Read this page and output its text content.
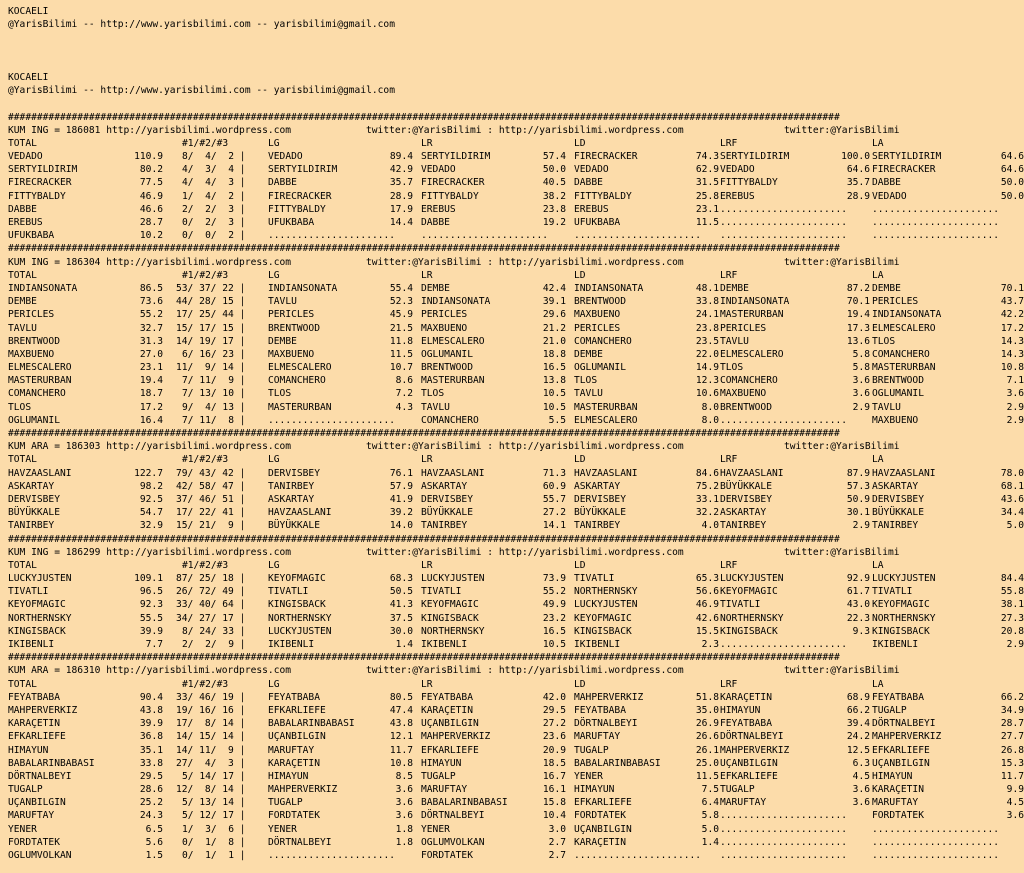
KOCAELI
@YarisBilimi -- http://www.yarisbilimi.com -- yarisbilimi@gmail.com
KOCAELI
@YarisBilimi -- http://www.yarisbilimi.com -- yarisbilimi@gmail.com
################################################################################################################################################
KUM ING = 186081 http://yarisbilimi.wordpress.com	twitter:@YarisBilimi : http://yarisbilimi.wordpress.com	twitter:@YarisBilimi
TOTAL	#1/#2/#3	LG	LR	LD	LRF	LA
VEDADO	110.9 8/  4/  2 | VEDADO	89.4 SERTYILDIRIM	57.4 FIRECRACKER	74.3 SERTYILDIRIM	100.0 SERTYILDIRIM	64.6
SERTYILDIRIM	80.2 4/  3/  4 | SERTYILDIRIM	42.9 VEDADO	50.0 VEDADO	62.9 VEDADO	64.6 FIRECRACKER	64.6
FIRECRACKER	77.5 4/  4/  3 | DABBE	35.7 FIRECRACKER	40.5 DABBE	31.5 FITTYBALDY	35.7 DABBE	50.0
FITTYBALDY	46.9 1/  4/  2 | FIRECRACKER	28.9 FITTYBALDY	38.2 FITTYBALDY	25.8 EREBUS	28.9 VEDADO	50.0
DABBE	46.6 2/  2/  3 | FITTYBALDY	17.9 EREBUS	23.8 EREBUS	23.1 ......................	......................
EREBUS	28.7 0/  2/  3 | UFUKBABA	14.4 DABBE	19.2 UFUKBABA	11.5 ......................	......................
UFUKBABA	10.2 0/  0/  2 | ......................	......................	...................... ......................	......................
################################################################################################################################################
KUM ING = 186304 http://yarisbilimi.wordpress.com	twitter:@YarisBilimi : http://yarisbilimi.wordpress.com	twitter:@YarisBilimi
TOTAL	#1/#2/#3	LG	LR	LD	LRF	LA
INDIANSONATA	86.5 53/ 37/ 22 | INDIANSONATA	55.4 DEMBE	42.4 INDIANSONATA	48.1 DEMBE	87.2 DEMBE	70.1
DEMBE	73.6 44/ 28/ 15 | TAVLU	52.3 INDIANSONATA	39.1 BRENTWOOD	33.8 INDIANSONATA	70.1 PERICLES	43.7
PERICLES	55.2 17/ 25/ 44 | PERICLES	45.9 PERICLES	29.6 MAXBUENO	24.1 MASTERURBAN	19.4 INDIANSONATA	42.2
TAVLU	32.7 15/ 17/ 15 | BRENTWOOD	21.5 MAXBUENO	21.2 PERICLES	23.8 PERICLES	17.3 ELMESCALERO	17.2
BRENTWOOD	31.3 14/ 19/ 17 | DEMBE	11.8 ELMESCALERO	21.0 COMANCHERO	23.5 TAVLU	13.6 TLOS	14.3
MAXBUENO	27.0 6/ 16/ 23 | MAXBUENO	11.5 OGLUMANIL	18.8 DEMBE	22.0 ELMESCALERO	5.8 COMANCHERO	14.3
ELMESCALERO	23.1 11/  9/ 14 | ELMESCALERO	10.7 BRENTWOOD	16.5 OGLUMANIL	14.9 TLOS	5.8 MASTERURBAN	10.8
MASTERURBAN	19.4 7/ 11/  9 | COMANCHERO	8.6 MASTERURBAN	13.8 TLOS	12.3 COMANCHERO	3.6 BRENTWOOD	7.1
COMANCHERO	18.7 7/ 13/ 10 | TLOS	7.2 TLOS	10.5 TAVLU	10.6 MAXBUENO	3.6 OGLUMANIL	3.6
TLOS	17.2 9/  4/ 13 | MASTERURBAN	4.3 TAVLU	10.5 MASTERURBAN	8.0 BRENTWOOD	2.9 TAVLU	2.9
OGLUMANIL	16.4 7/ 11/  8 | ......................	COMANCHERO	5.5 ELMESCALERO	8.0 ......................	MAXBUENO	2.9
################################################################################################################################################
KUM ARA = 186303 http://yarisbilimi.wordpress.com	twitter:@YarisBilimi : http://yarisbilimi.wordpress.com	twitter:@YarisBilimi
TOTAL	#1/#2/#3	LG	LR	LD	LRF	LA
HAVZAASLANI	122.7 79/ 43/ 42 | DERVISBEY	76.1 HAVZAASLANI	71.3 HAVZAASLANI	84.6 HAVZAASLANI	87.9 HAVZAASLANI	78.0
ASKARTAY	98.2 42/ 58/ 47 | TANIRBEY	57.9 ASKARTAY	60.9 ASKARTAY	75.2 BÜYÜKKALE	57.3 ASKARTAY	68.1
DERVISBEY	92.5 37/ 46/ 51 | ASKARTAY	41.9 DERVISBEY	55.7 DERVISBEY	33.1 DERVISBEY	50.9 DERVISBEY	43.6
BÜYÜKKALE	54.7 17/ 22/ 41 | HAVZAASLANI	39.2 BÜYÜKKALE	27.2 BÜYÜKKALE	32.2 ASKARTAY	30.1 BÜYÜKKALE	34.4
TANIRBEY	32.9 15/ 21/  9 | BÜYÜKKALE	14.0 TANIRBEY	14.1 TANIRBEY	4.0 TANIRBEY	2.9 TANIRBEY	5.0
################################################################################################################################################
KUM ING = 186299 http://yarisbilimi.wordpress.com	twitter:@YarisBilimi : http://yarisbilimi.wordpress.com	twitter:@YarisBilimi
TOTAL	#1/#2/#3	LG	LR	LD	LRF	LA
LUCKYJUSTEN	109.1 87/ 25/ 18 | KEYOFMAGIC	68.3 LUCKYJUSTEN	73.9 TIVATLI	65.3 LUCKYJUSTEN	92.9 LUCKYJUSTEN	84.4
TIVATLI	96.5 26/ 72/ 49 | TIVATLI	50.5 TIVATLI	55.2 NORTHERNSKY	56.6 KEYOFMAGIC	61.7 TIVATLI	55.8
KEYOFMAGIC	92.3 33/ 40/ 64 | KINGISBACK	41.3 KEYOFMAGIC	49.9 LUCKYJUSTEN	46.9 TIVATLI	43.0 KEYOFMAGIC	38.1
NORTHERNSKY	55.5 34/ 27/ 17 | NORTHERNSKY	37.5 KINGISBACK	23.2 KEYOFMAGIC	42.6 NORTHERNSKY	22.3 NORTHERNSKY	27.3
KINGISBACK	39.9 8/ 24/ 33 | LUCKYJUSTEN	30.0 NORTHERNSKY	16.5 KINGISBACK	15.5 KINGISBACK	9.3 KINGISBACK	20.8
IKIBENLI	7.7 2/  2/  9 | IKIBENLI	1.4 IKIBENLI	10.5 IKIBENLI	2.3 ......................	IKIBENLI	2.9
################################################################################################################################################
KUM ARA = 186310 http://yarisbilimi.wordpress.com	twitter:@YarisBilimi : http://yarisbilimi.wordpress.com	twitter:@YarisBilimi
TOTAL	#1/#2/#3	LG	LR	LD	LRF	LA
FEYATBABA	90.4 33/ 46/ 19 | FEYATBABA	80.5 FEYATBABA	42.0 MAHPERVERKIZ	51.8 KARAÇETIN	68.9 FEYATBABA	66.2
MAHPERVERKIZ	43.8 19/ 16/ 16 | EFKARLIEFE	47.4 KARAÇETIN	29.5 FEYATBABA	35.0 HIMAYUN	66.2 TUGALP	34.9
KARAÇETIN	39.9 17/  8/ 14 | BABALARINBABASI	43.8 UÇANBILGIN	27.2 DÖRTNALBEYI	26.9 FEYATBABA	39.4 DÖRTNALBEYI	28.7
EFKARLIEFE	36.8 14/ 15/ 14 | UÇANBILGIN	12.1 MAHPERVERKIZ	23.6 MARUFTAY	26.6 DÖRTNALBEYI	24.2 MAHPERVERKIZ	27.7
HIMAYUN	35.1 14/ 11/  9 | MARUFTAY	11.7 EFKARLIEFE	20.9 TUGALP	26.1 MAHPERVERKIZ	12.5 EFKARLIEFE	26.8
BABALARINBABASI	33.8 27/  4/  3 | KARAÇETIN	10.8 HIMAYUN	18.5 BABALARINBABASI	25.0 UÇANBILGIN	6.3 UÇANBILGIN	15.3
DÖRTNALBEYI	29.5 5/ 14/ 17 | HIMAYUN	8.5 TUGALP	16.7 YENER	11.5 EFKARLIEFE	4.5 HIMAYUN	11.7
TUGALP	28.6 12/  8/ 14 | MAHPERVERKIZ	3.6 MARUFTAY	16.1 HIMAYUN	7.5 TUGALP	3.6 KARAÇETIN	9.9
UÇANBILGIN	25.2 5/ 13/ 14 | TUGALP	3.6 BABALARINBABASI	15.8 EFKARLIEFE	6.4 MARUFTAY	3.6 MARUFTAY	4.5
MARUFTAY	24.3 5/ 12/ 17 | FORDTATEK	3.6 DÖRTNALBEYI	10.4 FORDTATEK	5.8 ......................	FORDTATEK	3.6
YENER	6.5 1/  3/  6 | YENER	1.8 YENER	3.0 UÇANBILGIN	5.0 ......................	......................
FORDTATEK	5.6 0/  1/  8 | DÖRTNALBEYI	1.8 OGLUMVOLKAN	2.7 KARAÇETIN	1.4 ......................	......................
OGLUMVOLKAN	1.5 0/  1/  1 | ......................	FORDTATEK	2.7 ...................... ......................	......................
